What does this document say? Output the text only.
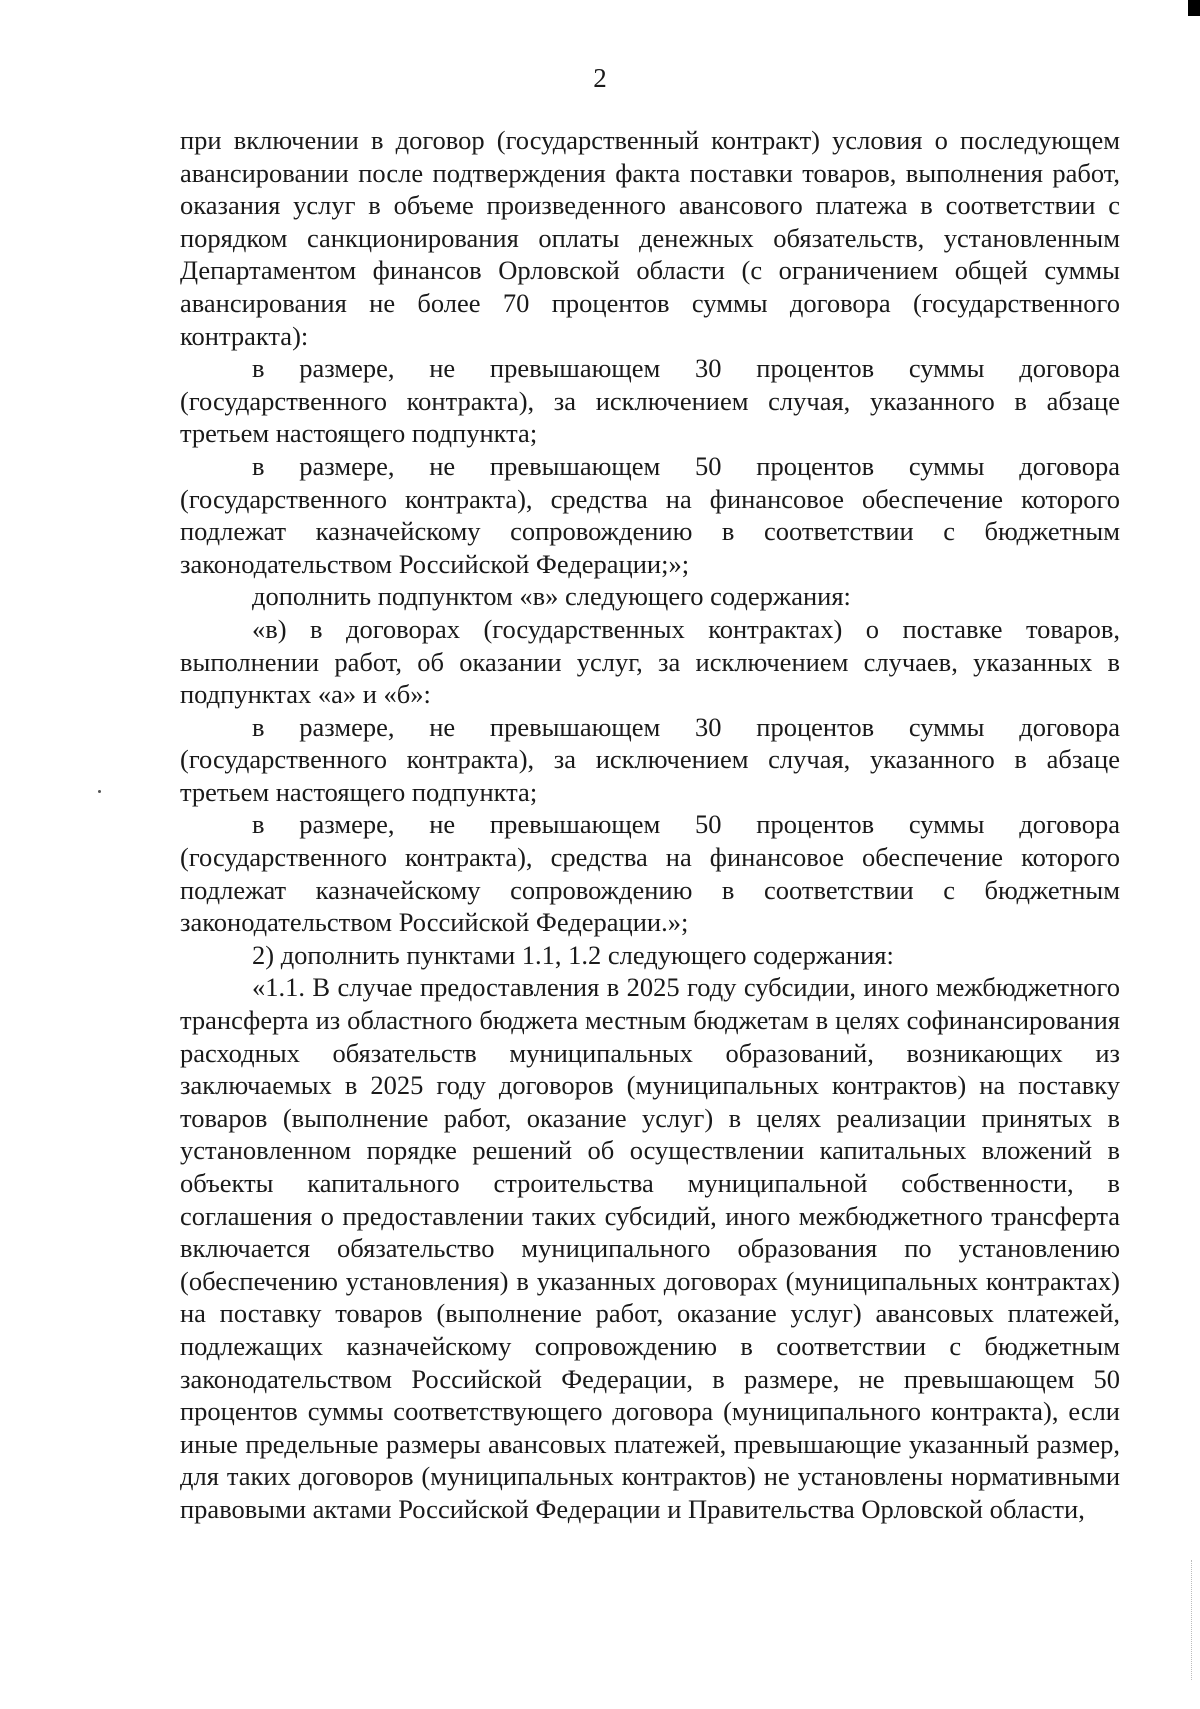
2

при включении в договор (государственный контракт) условия о последующем авансировании после подтверждения факта поставки товаров, выполнения работ, оказания услуг в объеме произведенного авансового платежа в соответствии с порядком санкционирования оплаты денежных обязательств, установленным Департаментом финансов Орловской области (с ограничением общей суммы авансирования не более 70 процентов суммы договора (государственного контракта):

в размере, не превышающем 30 процентов суммы договора (государственного контракта), за исключением случая, указанного в абзаце третьем настоящего подпункта;

в размере, не превышающем 50 процентов суммы договора (государственного контракта), средства на финансовое обеспечение которого подлежат казначейскому сопровождению в соответствии с бюджетным законодательством Российской Федерации;»;

дополнить подпунктом «в» следующего содержания:

«в) в договорах (государственных контрактах) о поставке товаров, выполнении работ, об оказании услуг, за исключением случаев, указанных в подпунктах «а» и «б»:

в размере, не превышающем 30 процентов суммы договора (государственного контракта), за исключением случая, указанного в абзаце третьем настоящего подпункта;

в размере, не превышающем 50 процентов суммы договора (государственного контракта), средства на финансовое обеспечение которого подлежат казначейскому сопровождению в соответствии с бюджетным законодательством Российской Федерации.»;

2) дополнить пунктами 1.1, 1.2 следующего содержания:

«1.1. В случае предоставления в 2025 году субсидии, иного межбюджетного трансферта из областного бюджета местным бюджетам в целях софинансирования расходных обязательств муниципальных образований, возникающих из заключаемых в 2025 году договоров (муниципальных контрактов) на поставку товаров (выполнение работ, оказание услуг) в целях реализации принятых в установленном порядке решений об осуществлении капитальных вложений в объекты капитального строительства муниципальной собственности, в соглашения о предоставлении таких субсидий, иного межбюджетного трансферта включается обязательство муниципального образования по установлению (обеспечению установления) в указанных договорах (муниципальных контрактах) на поставку товаров (выполнение работ, оказание услуг) авансовых платежей, подлежащих казначейскому сопровождению в соответствии с бюджетным законодательством Российской Федерации, в размере, не превышающем 50 процентов суммы соответствующего договора (муниципального контракта), если иные предельные размеры авансовых платежей, превышающие указанный размер, для таких договоров (муниципальных контрактов) не установлены нормативными правовыми актами Российской Федерации и Правительства Орловской области,
